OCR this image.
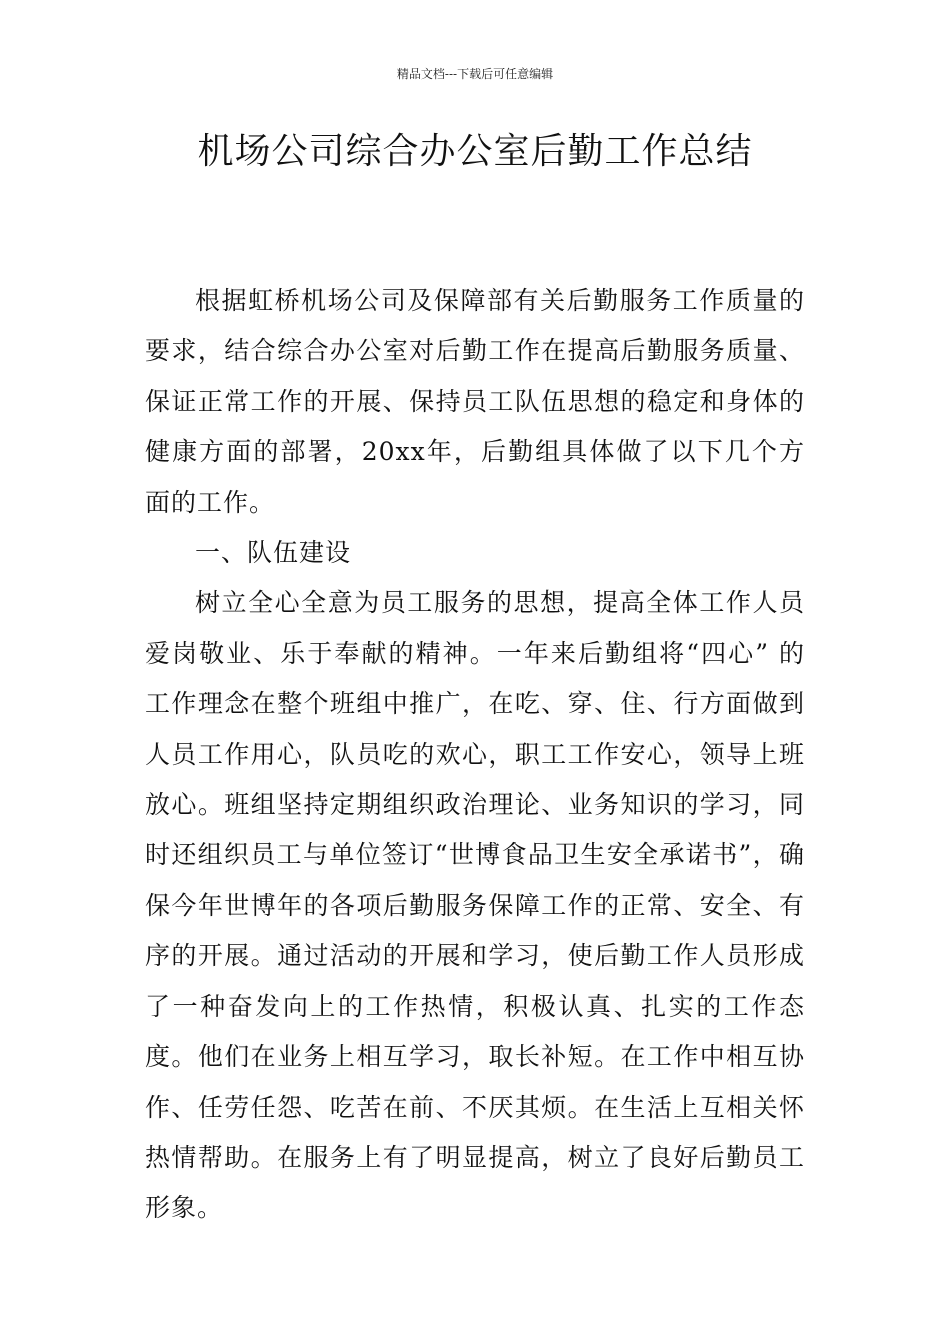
精品文档---下载后可任意编辑
机场公司综合办公室后勤工作总结

根据虹桥机场公司及保障部有关后勤服务工作质量的要求，结合综合办公室对后勤工作在提高后勤服务质量、保证正常工作的开展、保持员工队伍思想的稳定和身体的健康方面的部署，20xx年，后勤组具体做了以下几个方面的工作。

一、队伍建设

树立全心全意为员工服务的思想，提高全体工作人员爱岗敬业、乐于奉献的精神。一年来后勤组将“四心” 的工作理念在整个班组中推广，在吃、穿、住、行方面做到人员工作用心，队员吃的欢心，职工工作安心，领导上班放心。班组坚持定期组织政治理论、业务知识的学习，同时还组织员工与单位签订“世博食品卫生安全承诺书”，确保今年世博年的各项后勤服务保障工作的正常、安全、有序的开展。通过活动的开展和学习，使后勤工作人员形成了一种奋发向上的工作热情，积极认真、扎实的工作态度。他们在业务上相互学习，取长补短。在工作中相互协作、任劳任怨、吃苦在前、不厌其烦。在生活上互相关怀热情帮助。在服务上有了明显提高，树立了良好后勤员工形象。
